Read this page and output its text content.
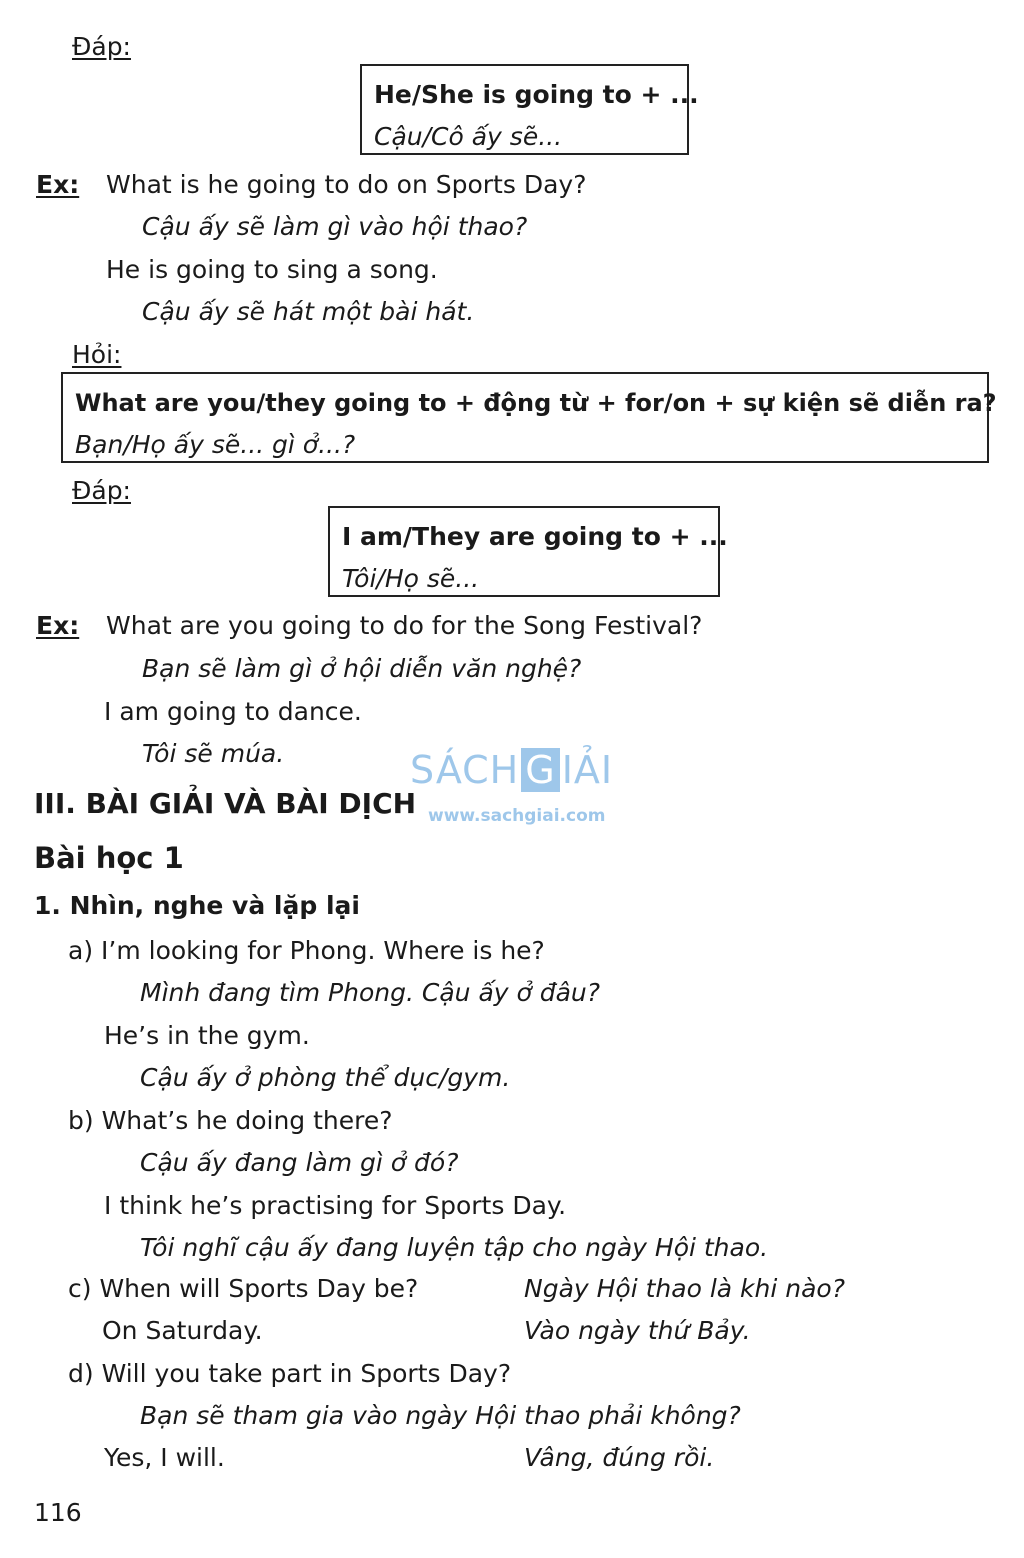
Đáp:
He/She is going to + ...
Cậu/Cô ấy sẽ...
Ex: What is he going to do on Sports Day?
Cậu ấy sẽ làm gì vào hội thao?
He is going to sing a song.
Cậu ấy sẽ hát một bài hát.
Hỏi:
What are you/they going to + động từ + for/on + sự kiện sẽ diễn ra?
Bạn/Họ ấy sẽ... gì ở...?
Đáp:
I am/They are going to + ...
Tôi/Họ sẽ...
Ex: What are you going to do for the Song Festival?
Bạn sẽ làm gì ở hội diễn văn nghệ?
I am going to dance.
Tôi sẽ múa.	SÁCH G IẢI
www.sachgiai.com
III. BÀI GIẢI VÀ BÀI DỊCH
Bài học 1
1. Nhìn, nghe và lặp lại
a) I’m looking for Phong. Where is he?
Mình đang tìm Phong. Cậu ấy ở đâu?
He’s in the gym.
Cậu ấy ở phòng thể dục/gym.
b) What’s he doing there?
Cậu ấy đang làm gì ở đó?
I think he’s practising for Sports Day.
Tôi nghĩ cậu ấy đang luyện tập cho ngày Hội thao.
c) When will Sports Day be?	Ngày Hội thao là khi nào?
On Saturday.	Vào ngày thứ Bảy.
d) Will you take part in Sports Day?
Bạn sẽ tham gia vào ngày Hội thao phải không?
Yes, I will.	Vâng, đúng rồi.
116
